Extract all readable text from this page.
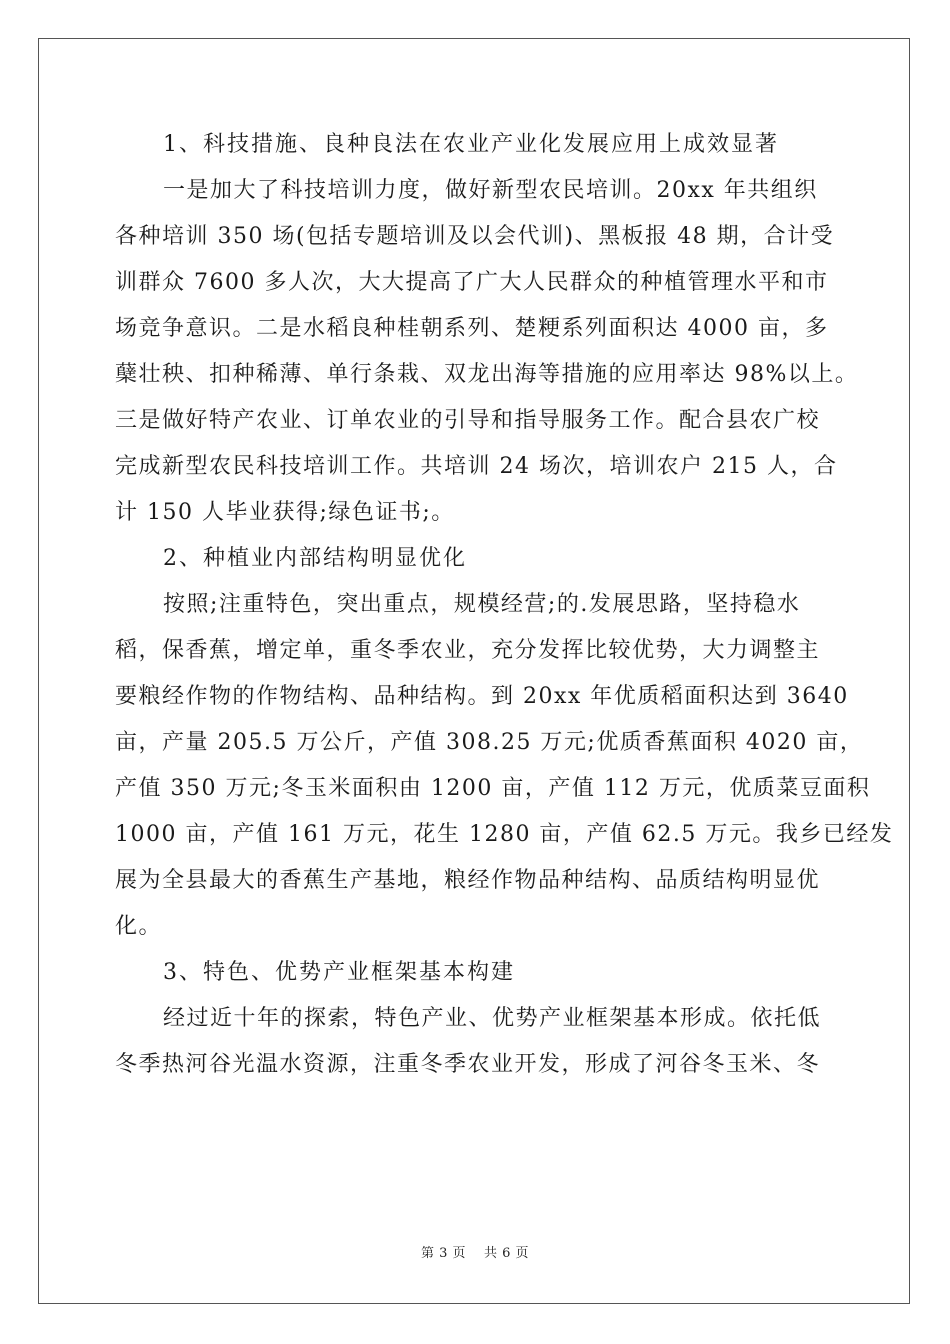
1、科技措施、良种良法在农业产业化发展应用上成效显著

一是加大了科技培训力度，做好新型农民培训。20xx 年共组织
各种培训 350 场(包括专题培训及以会代训)、黑板报 48 期，合计受
训群众 7600 多人次，大大提高了广大人民群众的种植管理水平和市
场竞争意识。二是水稻良种桂朝系列、楚粳系列面积达 4000 亩，多
蘖壮秧、扣种稀薄、单行条栽、双龙出海等措施的应用率达 98%以上。
三是做好特产农业、订单农业的引导和指导服务工作。配合县农广校
完成新型农民科技培训工作。共培训 24 场次，培训农户 215 人，合
计 150 人毕业获得;绿色证书;。

2、种植业内部结构明显优化

按照;注重特色，突出重点，规模经营;的.发展思路，坚持稳水
稻，保香蕉，增定单，重冬季农业，充分发挥比较优势，大力调整主
要粮经作物的作物结构、品种结构。到 20xx 年优质稻面积达到 3640
亩，产量 205.5 万公斤，产值 308.25 万元;优质香蕉面积 4020 亩，
产值 350 万元;冬玉米面积由 1200 亩，产值 112 万元，优质菜豆面积
1000 亩，产值 161 万元，花生 1280 亩，产值 62.5 万元。我乡已经发
展为全县最大的香蕉生产基地，粮经作物品种结构、品质结构明显优
化。

3、特色、优势产业框架基本构建

经过近十年的探索，特色产业、优势产业框架基本形成。依托低
冬季热河谷光温水资源，注重冬季农业开发，形成了河谷冬玉米、冬
第 3 页 共 6 页
